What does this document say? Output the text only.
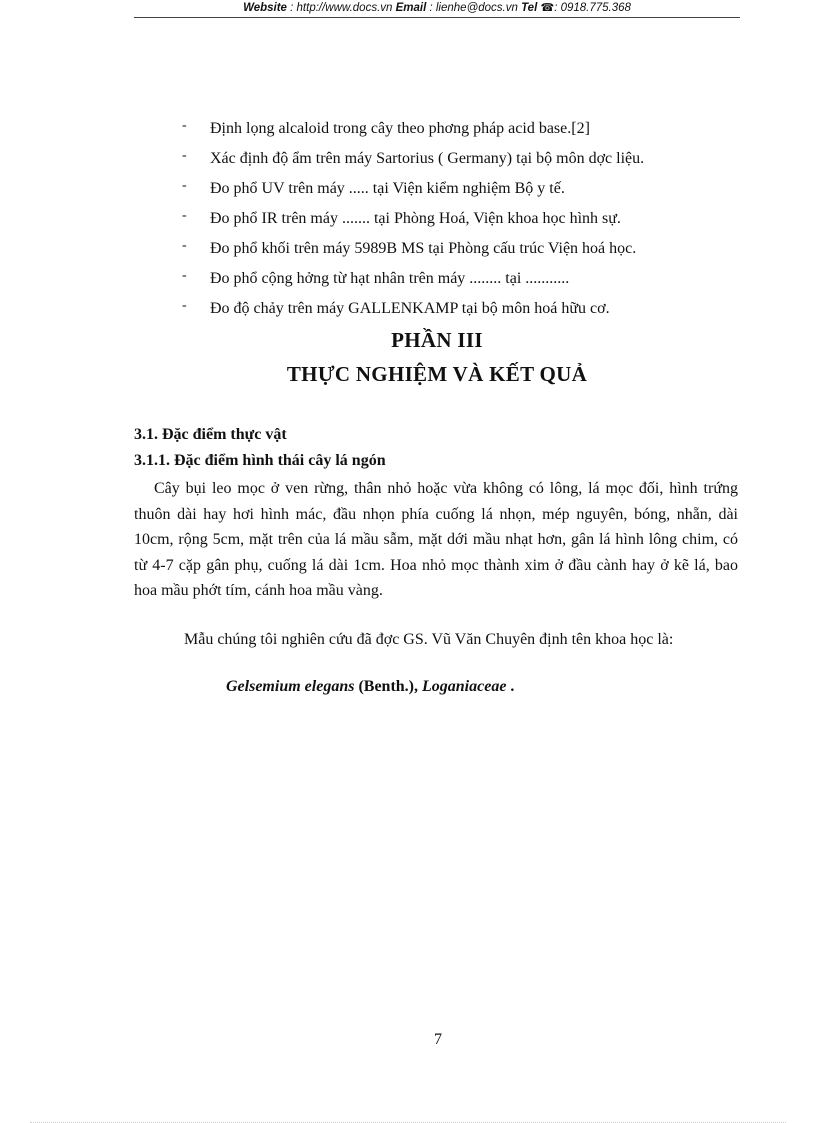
Website : http://www.docs.vn Email : lienhe@docs.vn Tel ☎: 0918.775.368
- Định lọng alcaloid trong cây theo phơng pháp acid base.[2]
- Xác định độ ẩm trên máy Sartorius ( Germany) tại bộ môn dợc liệu.
- Đo phổ UV trên máy ..... tại Viện kiểm nghiệm Bộ y tế.
- Đo phổ IR trên máy ....... tại Phòng Hoá, Viện khoa học hình sự.
- Đo phổ khối trên máy 5989B MS tại Phòng cấu trúc Viện hoá học.
- Đo phổ cộng hởng từ hạt nhân trên máy ........ tại ...........
- Đo độ chảy trên máy GALLENKAMP tại bộ môn hoá hữu cơ.
PHẦN III
THỰC NGHIỆM VÀ KẾT QUẢ
3.1. Đặc điểm thực vật
3.1.1. Đặc điểm hình thái cây lá ngón

Cây bụi leo mọc ở ven rừng, thân nhỏ hoặc vừa không có lông, lá mọc đối, hình trứng thuôn dài hay hơi hình mác, đầu nhọn phía cuống lá nhọn, mép nguyên, bóng, nhẵn, dài 10cm, rộng 5cm, mặt trên của lá mầu sẫm, mặt dới mầu nhạt hơn, gân lá hình lông chim, có từ 4-7 cặp gân phụ, cuống lá dài 1cm. Hoa nhỏ mọc thành xim ở đầu cành hay ở kẽ lá, bao hoa mầu phớt tím, cánh hoa mầu vàng.

Mẫu chúng tôi nghiên cứu đã đợc GS. Vũ Văn Chuyên định tên khoa học là:

Gelsemium elegans (Benth.), Loganiaceae .
7
